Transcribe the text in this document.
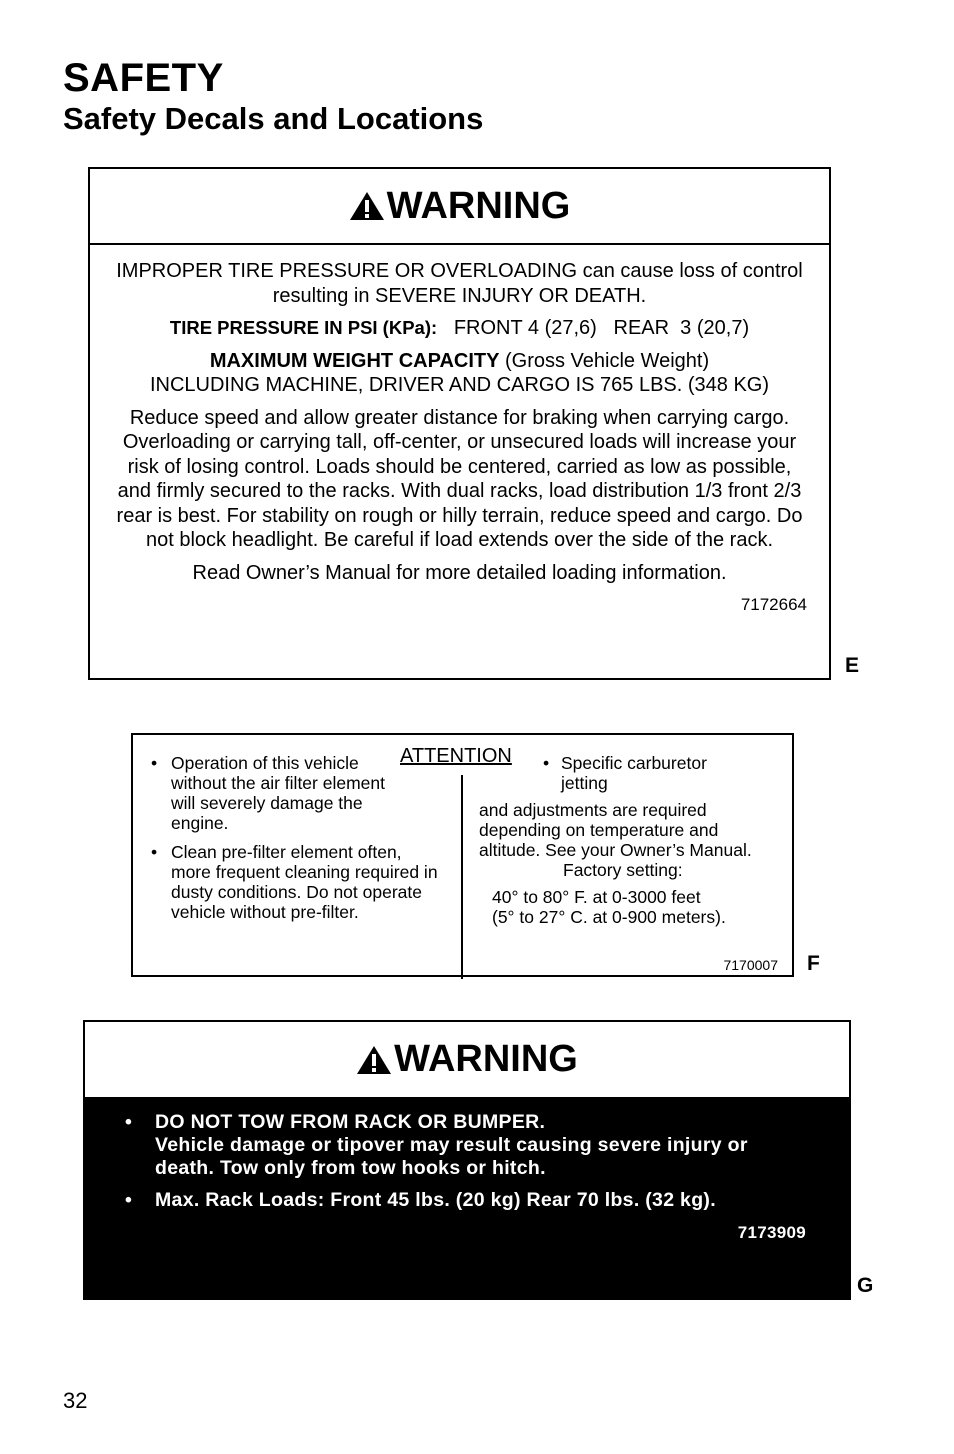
SAFETY
Safety Decals and Locations
WARNING

IMPROPER TIRE PRESSURE OR OVERLOADING can cause loss of control resulting in SEVERE INJURY OR DEATH.

TIRE PRESSURE IN PSI (KPa): FRONT 4 (27,6)   REAR  3 (20,7)

MAXIMUM WEIGHT CAPACITY (Gross Vehicle Weight)
INCLUDING MACHINE, DRIVER AND CARGO IS 765 LBS. (348 KG)

Reduce speed and allow greater distance for braking when carrying cargo. Overloading or carrying tall, off-center, or unsecured loads will increase your risk of losing control. Loads should be centered, carried as low as possible, and firmly secured to the racks. With dual racks, load distribution 1/3 front 2/3 rear is best. For stability on rough or hilly terrain, reduce speed and cargo. Do not block headlight. Be careful if load extends over the side of the rack.

Read Owner’s Manual for more detailed loading information.

7172664
E
• Operation of this vehicle without the air filter element will severely damage the engine.
• Clean pre-filter element often, more frequent cleaning required in dusty conditions. Do not operate vehicle without pre-filter.
ATTENTION • Specific carburetor jetting
and adjustments are required depending on temperature and altitude. See your Owner’s Manual.
Factory setting:
40° to 80° F. at 0-3000 feet
(5° to 27° C. at 0-900 meters).
7170007 F
WARNING
•	DO NOT TOW FROM RACK OR BUMPER.
Vehicle damage or tipover may result causing severe injury or death. Tow only from tow hooks or hitch.
•	Max. Rack Loads: Front 45 lbs. (20 kg) Rear 70 lbs. (32 kg).
7173909
G
32
